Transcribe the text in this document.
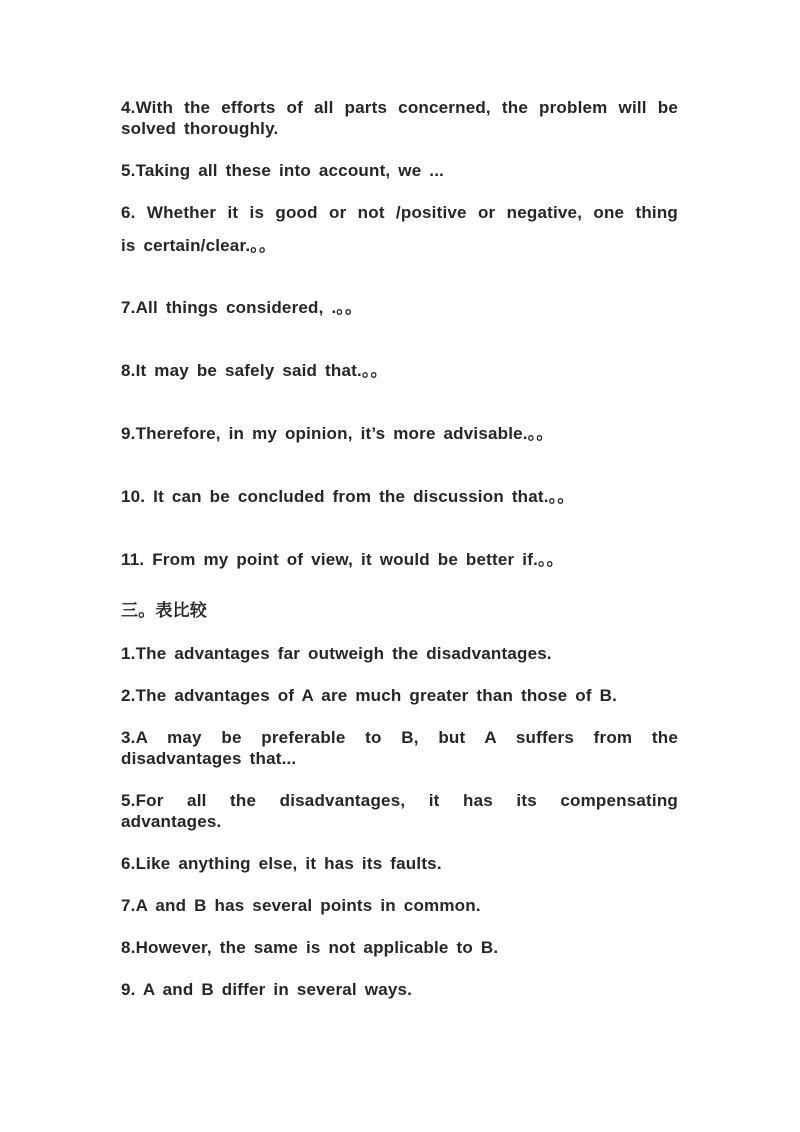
4.With the efforts of all parts concerned, the problem will be

solved thoroughly.

5.Taking all these into account, we ...

6. Whether it is good or not /positive or negative, one thing

is certain/clear.。。

7.All things considered, .。。

8.It may be safely said that.。。

9.Therefore, in my opinion, it’s more advisable.。。

10. It can be concluded from the discussion that.。。

11. From my point of view, it would be better if.。。

三。表比较

1.The advantages far outweigh the disadvantages.

2.The advantages of A are much greater than those of B.

3.A may be preferable to B, but A suffers from the

disadvantages that...

5.For all the disadvantages, it has its compensating

advantages.

6.Like anything else, it has its faults.

7.A and B has several points in common.

8.However, the same is not applicable to B.

9. A and B differ in several ways.
